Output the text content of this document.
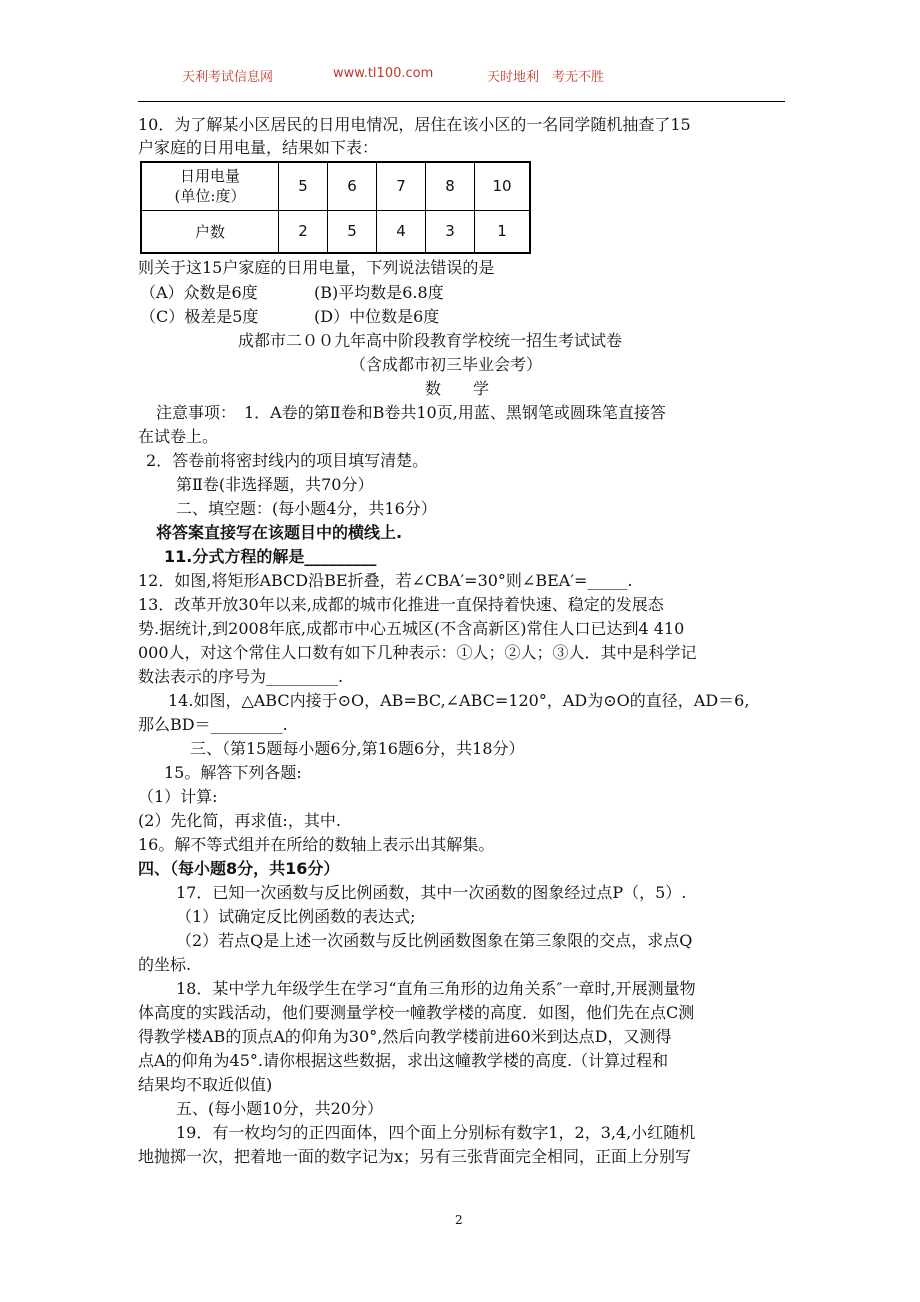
天利考试信息网	www.tl100.com	天时地利　考无不胜
10．为了解某小区居民的日用电情况，居住在该小区的一名同学随机抽查了15
户家庭的日用电量，结果如下表：
日用电量
(单位:度）	5	6	7	8	10
户数	2	5	4	3	1
则关于这15户家庭的日用电量，下列说法错误的是
（A）众数是6度	(B)平均数是6.8度
（C）极差是5度	(D）中位数是6度
成都市二００九年高中阶段教育学校统一招生考试试卷
（含成都市初三毕业会考）
数　　学
注意事项：　1．A卷的第Ⅱ卷和B卷共10页,用蓝、黑钢笔或圆珠笔直接答
在试卷上。
2．答卷前将密封线内的项目填写清楚。
第Ⅱ卷(非选择题，共70分）
二、填空题：(每小题4分，共16分）
将答案直接写在该题目中的横线上.
11.分式方程的解是_________
12．如图,将矩形ABCD沿BE折叠，若∠CBA′=30°则∠BEA′=_____.
13．改革开放30年以来,成都的城市化推进一直保持着快速、稳定的发展态
势.据统计,到2008年底,成都市中心五城区(不含高新区)常住人口已达到4 410
000人，对这个常住人口数有如下几种表示：①人；②人；③人．其中是科学记
数法表示的序号为_________.
14.如图，△ABC内接于⊙O，AB=BC,∠ABC=120°，AD为⊙O的直径，AD＝6,
那么BD＝_________.
三、（第15题每小题6分,第16题6分，共18分）
15。解答下列各题:
（1）计算:
(2）先化简，再求值:，其中.
16。解不等式组并在所给的数轴上表示出其解集。
四、（每小题8分，共16分）
17．已知一次函数与反比例函数，其中一次函数的图象经过点P（，5）.
（1）试确定反比例函数的表达式;
（2）若点Q是上述一次函数与反比例函数图象在第三象限的交点，求点Q
的坐标.
18．某中学九年级学生在学习“直角三角形的边角关系″一章时,开展测量物
体高度的实践活动，他们要测量学校一幢教学楼的高度．如图，他们先在点C测
得教学楼AB的顶点A的仰角为30°,然后向教学楼前进60米到达点D，又测得
点A的仰角为45°.请你根据这些数据，求出这幢教学楼的高度.（计算过程和
结果均不取近似值)
五、(每小题10分，共20分）
19．有一枚均匀的正四面体，四个面上分别标有数字1，2，3,4,小红随机
地抛掷一次，把着地一面的数字记为x；另有三张背面完全相同，正面上分别写
2
